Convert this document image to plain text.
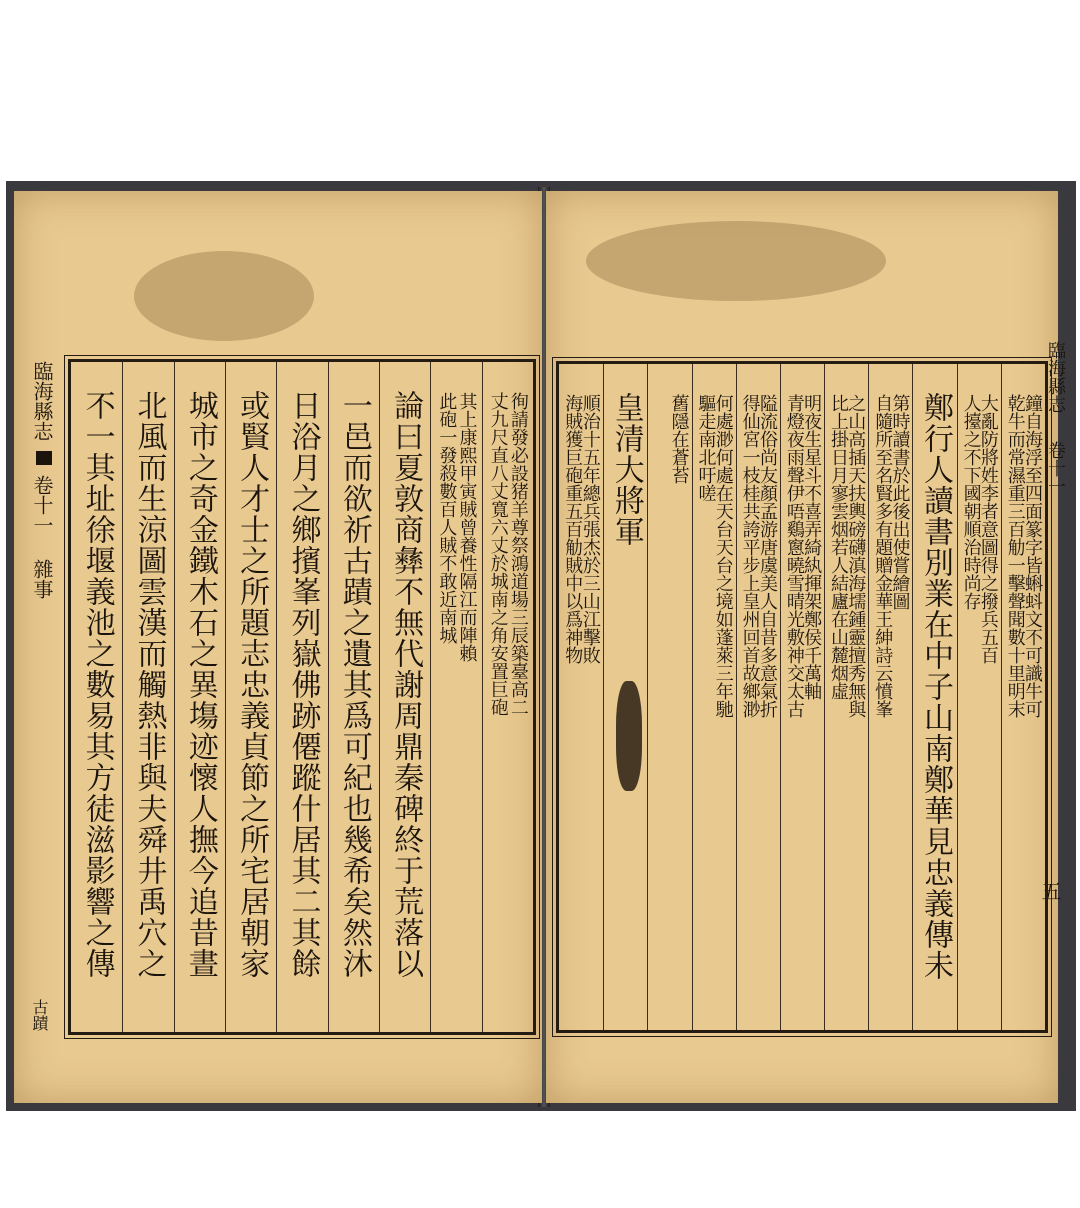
臨海縣志
卷十一 雜事
古蹟
徇請發必設猪羊尊祭鴻道場三辰築臺高二
丈九尺直八丈寬六丈於城南之角安置巨砲
其上康熙甲寅賊曾養性隔江而陣賴
此砲一發殺數百人賊不敢近南城
論曰夏敦商彝不無代謝周鼎秦碑終于荒落以
一邑而欲祈古蹟之遺其爲可紀也幾希矣然沐
日浴月之鄉擯峯列嶽佛跡僊蹤什居其二其餘
或賢人才士之所題志忠義貞節之所宅居朝家
城市之奇金鐵木石之異塲迹懷人撫今追昔晝
北風而生涼圖雲漢而觸熱非與夫舜井禹穴之
不一其址徐堰義池之數易其方徒滋影響之傳
臨海縣志
卷十一
五
鐘自海浮至四面篆字皆蝌蚪文不可識牛可
乾牛而常濕重三百觔一擊聲聞數十里明末
大亂防將姓李者意圖得之撥兵五百
人擡之不下國朝順治時尚存
鄭行人讀書別業在中子山南鄭華見忠義傳未
第時讀書於此後出使嘗繪圖
自隨所至名賢多有題贈金華王紳詩云憤峯
之山高插天扶輿磅礴滇海壖鍾靈擅秀無與
比上掛日月寥雲烟若人結廬在山麓烟虛
明夜生星斗不喜弄綺紈揮架鄭侯千萬軸
青燈夜雨聲伊唔鷄窻曉雪晴光敷神交太古
隘流俗尚友顏孟游唐虞美人自昔多意氣折
得仙宮一枝桂共誇平步上皇州回首故鄉渺
何處渺何處在天台天台之境如蓬萊三年馳
驅走南北吁嗟
舊隱在蒼苔
皇清大將軍
順治十五年總兵張杰於三山江擊敗
海賊獲巨砲重五百觔賊中以爲神物
